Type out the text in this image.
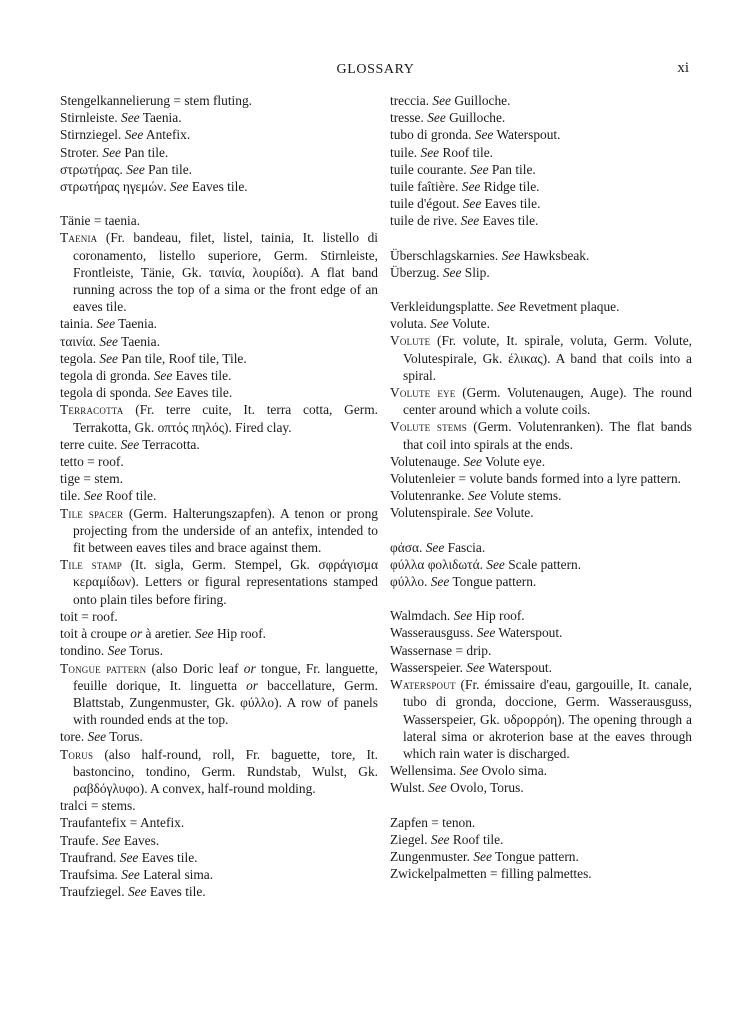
GLOSSARY	xi
Stengelkannelierung = stem fluting.
Stirnleiste. See Taenia.
Stirnziegel. See Antefix.
Stroter. See Pan tile.
στρωτήρας. See Pan tile.
στρωτήρας ηγεμών. See Eaves tile.
Tänie = taenia.
Taenia (Fr. bandeau, filet, listel, tainia, It. listello di coronamento, listello superiore, Germ. Stirnleiste, Frontleiste, Tänie, Gk. ταινία, λουρίδα). A flat band running across the top of a sima or the front edge of an eaves tile.
tainia. See Taenia.
ταινία. See Taenia.
tegola. See Pan tile, Roof tile, Tile.
tegola di gronda. See Eaves tile.
tegola di sponda. See Eaves tile.
Terracotta (Fr. terre cuite, It. terra cotta, Germ. Terrakotta, Gk. οπτός πηλός). Fired clay.
terre cuite. See Terracotta.
tetto = roof.
tige = stem.
tile. See Roof tile.
Tile spacer (Germ. Halterungszapfen). A tenon or prong projecting from the underside of an antefix, intended to fit between eaves tiles and brace against them.
Tile stamp (It. sigla, Germ. Stempel, Gk. σφράγισμα κεραμίδων). Letters or figural representations stamped onto plain tiles before firing.
toit = roof.
toit à croupe or à aretier. See Hip roof.
tondino. See Torus.
Tongue pattern (also Doric leaf or tongue, Fr. languette, feuille dorique, It. linguetta or baccellature, Germ. Blattstab, Zungenmuster, Gk. φύλλο). A row of panels with rounded ends at the top.
tore. See Torus.
Torus (also half-round, roll, Fr. baguette, tore, It. bastoncino, tondino, Germ. Rundstab, Wulst, Gk. ραβδόγλυφο). A convex, half-round molding.
tralci = stems.
Traufantefix = Antefix.
Traufe. See Eaves.
Traufrand. See Eaves tile.
Traufsima. See Lateral sima.
Traufziegel. See Eaves tile.
treccia. See Guilloche.
tresse. See Guilloche.
tubo di gronda. See Waterspout.
tuile. See Roof tile.
tuile courante. See Pan tile.
tuile faîtière. See Ridge tile.
tuile d'égout. See Eaves tile.
tuile de rive. See Eaves tile.
Überschlagskarnies. See Hawksbeak.
Überzug. See Slip.
Verkleidungsplatte. See Revetment plaque.
voluta. See Volute.
Volute (Fr. volute, It. spirale, voluta, Germ. Volute, Volutespirale, Gk. έλικας). A band that coils into a spiral.
Volute eye (Germ. Volutenaugen, Auge). The round center around which a volute coils.
Volute stems (Germ. Volutenranken). The flat bands that coil into spirals at the ends.
Volutenauge. See Volute eye.
Volutenleier = volute bands formed into a lyre pattern.
Volutenranke. See Volute stems.
Volutenspirale. See Volute.
φάσα. See Fascia.
φύλλα φολιδωτά. See Scale pattern.
φύλλο. See Tongue pattern.
Walmdach. See Hip roof.
Wasserausguss. See Waterspout.
Wassernase = drip.
Wasserspeier. See Waterspout.
Waterspout (Fr. émissaire d'eau, gargouille, It. canale, tubo di gronda, doccione, Germ. Wasserausguss, Wasserspeier, Gk. υδρορρόη). The opening through a lateral sima or akroterion base at the eaves through which rain water is discharged.
Wellensima. See Ovolo sima.
Wulst. See Ovolo, Torus.
Zapfen = tenon.
Ziegel. See Roof tile.
Zungenmuster. See Tongue pattern.
Zwickelpalmetten = filling palmettes.
